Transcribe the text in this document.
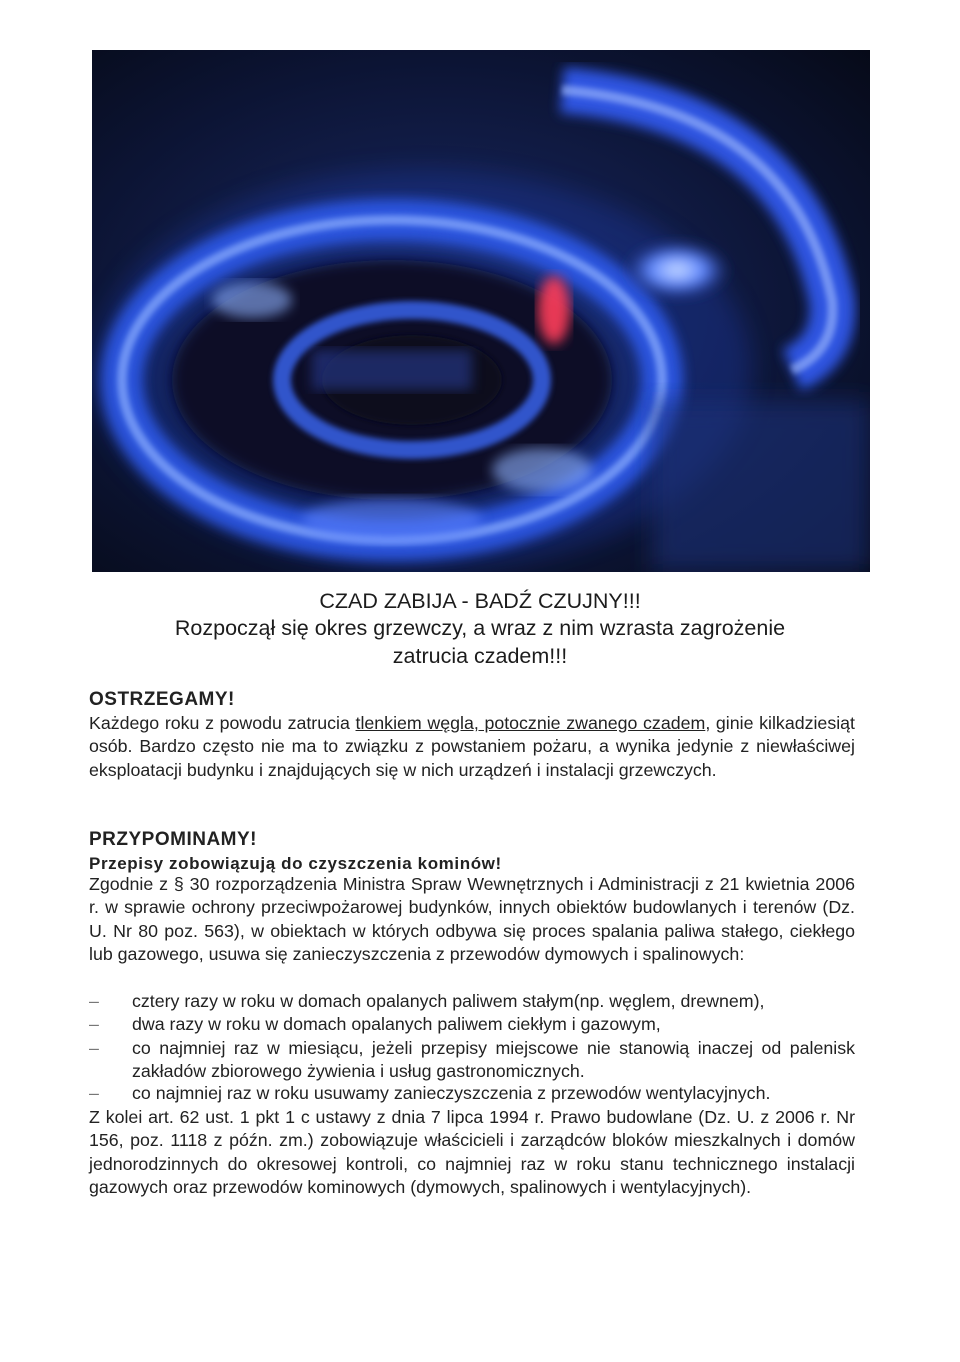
CZAD ZABIJA - BADŹ CZUJNY!!!
Rozpoczął się okres grzewczy, a wraz z nim wzrasta zagrożenie
zatrucia czadem!!!
OSTRZEGAMY!
Każdego roku z powodu zatrucia tlenkiem węgla, potocznie zwanego czadem, ginie kilkadziesiąt osób. Bardzo często nie ma to związku z powstaniem pożaru, a wynika jedynie z niewłaściwej eksploatacji budynku i znajdujących się w nich urządzeń i instalacji grzewczych.
PRZYPOMINAMY!
Przepisy zobowiązują do czyszczenia kominów!
Zgodnie z § 30 rozporządzenia Ministra Spraw Wewnętrznych i Administracji z 21 kwietnia 2006 r. w sprawie ochrony przeciwpożarowej budynków, innych obiektów budowlanych i terenów (Dz. U. Nr 80 poz. 563), w obiektach w których odbywa się proces spalania paliwa stałego, ciekłego lub gazowego, usuwa się zanieczyszczenia z przewodów dymowych i spalinowych:
–	cztery razy w roku w domach opalanych paliwem stałym(np. węglem, drewnem),
–	dwa razy w roku w domach opalanych paliwem ciekłym i gazowym,
–	co najmniej raz w miesiącu, jeżeli przepisy miejscowe nie stanowią inaczej od palenisk zakładów zbiorowego żywienia i usług gastronomicznych.
–	co najmniej raz w roku usuwamy zanieczyszczenia z przewodów wentylacyjnych.
Z kolei art. 62 ust. 1 pkt 1 c ustawy z dnia 7 lipca 1994 r. Prawo budowlane (Dz. U. z 2006 r. Nr 156, poz. 1118 z późn. zm.) zobowiązuje właścicieli i zarządców bloków mieszkalnych i domów jednorodzinnych do okresowej kontroli, co najmniej raz w roku stanu technicznego instalacji gazowych oraz przewodów kominowych (dymowych, spalinowych i wentylacyjnych).
